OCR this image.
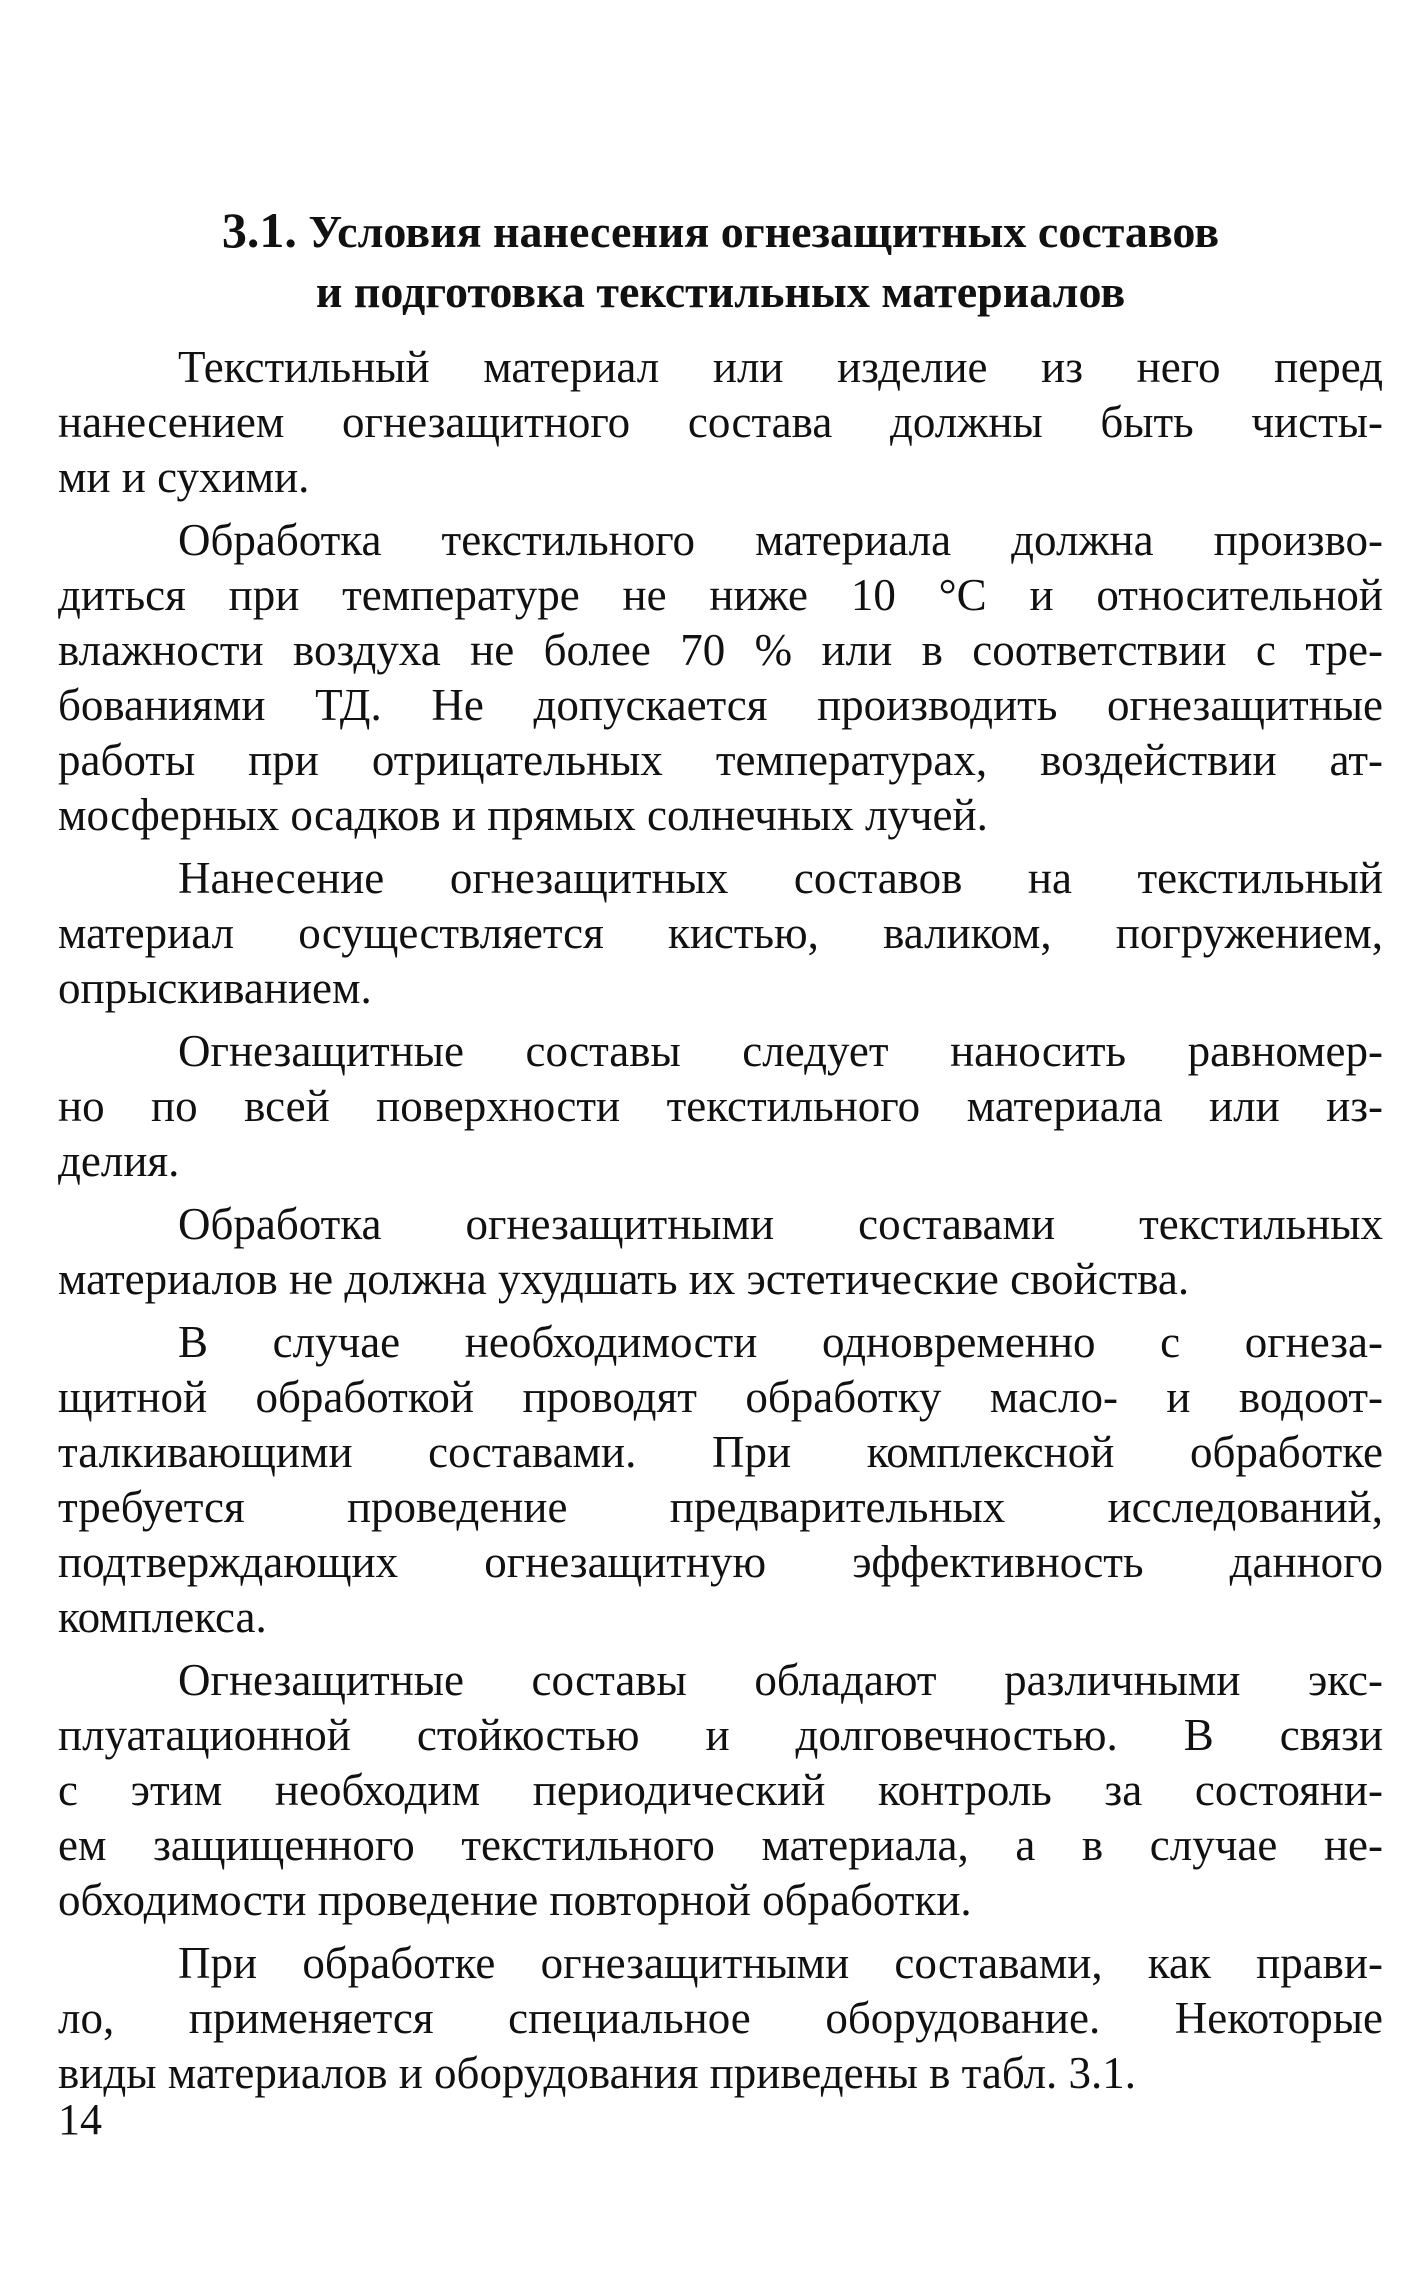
3.1. Условия нанесения огнезащитных составов
и подготовка текстильных материалов

Текстильный материал или изделие из него перед
нанесением огнезащитного состава должны быть чисты-
ми и сухими.

Обработка текстильного материала должна произво-
диться при температуре не ниже 10 °С и относительной
влажности воздуха не более 70 % или в соответствии с тре-
бованиями ТД. Не допускается производить огнезащитные
работы при отрицательных температурах, воздействии ат-
мосферных осадков и прямых солнечных лучей.

Нанесение огнезащитных составов на текстильный
материал осуществляется кистью, валиком, погружением,
опрыскиванием.

Огнезащитные составы следует наносить равномер-
но по всей поверхности текстильного материала или из-
делия.

Обработка огнезащитными составами текстильных
материалов не должна ухудшать их эстетические свойства.

В случае необходимости одновременно с огнеза-
щитной обработкой проводят обработку масло- и водоот-
талкивающими составами. При комплексной обработке
требуется проведение предварительных исследований,
подтверждающих огнезащитную эффективность данного
комплекса.

Огнезащитные составы обладают различными экс-
плуатационной стойкостью и долговечностью. В связи
с этим необходим периодический контроль за состояни-
ем защищенного текстильного материала, а в случае не-
обходимости проведение повторной обработки.

При обработке огнезащитными составами, как прави-
ло, применяется специальное оборудование. Некоторые
виды материалов и оборудования приведены в табл. 3.1.

14
